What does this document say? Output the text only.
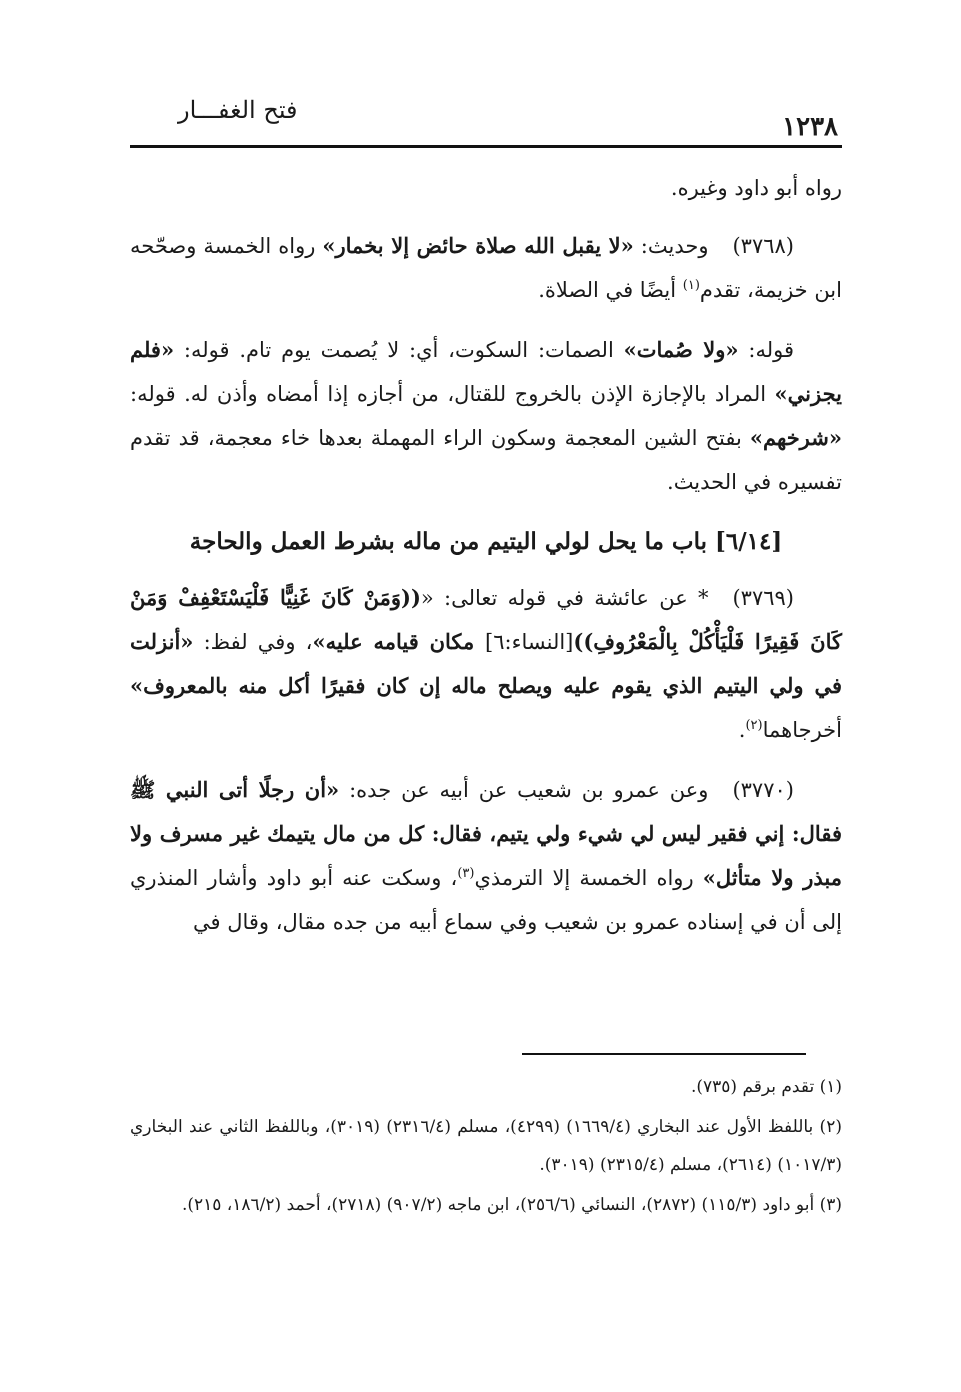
١٢٣٨
فتح الغفـــار

رواه أبو داود وغيره.

(٣٧٦٨)وحديث: «لا يقبل الله صلاة حائض إلا بخمار» رواه الخمسة وصحّحه ابن خزيمة، تقدم$^{(١)}$ أيضًا في الصلاة.

قوله: «ولا صُمات» الصمات: السكوت، أي: لا يُصمت يوم تام. قوله: «فلم يجزني» المراد بالإجازة الإذن بالخروج للقتال، من أجازه إذا أمضاه وأذن له. قوله: «شرخهم» بفتح الشين المعجمة وسكون الراء المهملة بعدها خاء معجمة، قد تقدم تفسيره في الحديث.

[٦/١٤] باب ما يحل لولي اليتيم من ماله بشرط العمل والحاجة

(٣٧٦٩)* عن عائشة في قوله تعالى: «((وَمَنْ كَانَ غَنِيًّا فَلْيَسْتَعْفِفْ وَمَنْ كَانَ فَقِيرًا فَلْيَأْكُلْ بِالْمَعْرُوفِ))[النساء:٦] مكان قيامه عليه»، وفي لفظ: «أنزلت في ولي اليتيم الذي يقوم عليه ويصلح ماله إن كان فقيرًا أكل منه بالمعروف» أخرجاهما$^{(٢)}$.

(٣٧٧٠)وعن عمرو بن شعيب عن أبيه عن جده: «أن رجلًا أتى النبي ﷺ فقال: إني فقير ليس لي شيء ولي يتيم، فقال: كل من مال يتيمك غير مسرف ولا مبذر ولا متأثل» رواه الخمسة إلا الترمذي$^{(٣)}$، وسكت عنه أبو داود وأشار المنذري إلى أن في إسناده عمرو بن شعيب وفي سماع أبيه من جده مقال، وقال في

(١) تقدم برقم (٧٣٥).

(٢) باللفظ الأول عند البخاري (١٦٦٩/٤) (٤٢٩٩)، مسلم (٢٣١٦/٤) (٣٠١٩)، وباللفظ الثاني عند البخاري (١٠١٧/٣) (٢٦١٤)، مسلم (٢٣١٥/٤) (٣٠١٩).

(٣) أبو داود (١١٥/٣) (٢٨٧٢)، النسائي (٢٥٦/٦)، ابن ماجه (٩٠٧/٢) (٢٧١٨)، أحمد (١٨٦/٢، ٢١٥).
